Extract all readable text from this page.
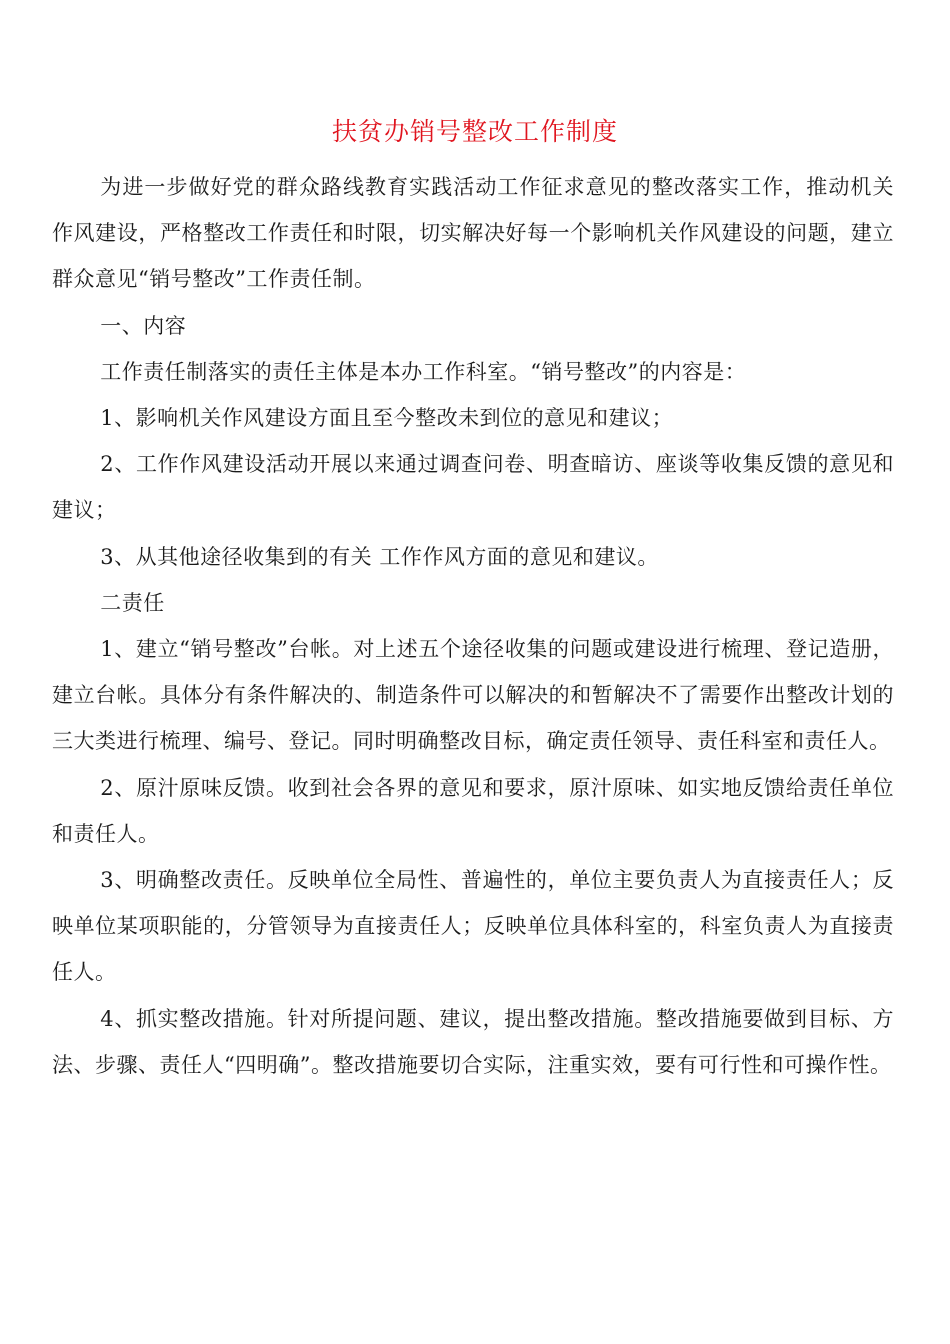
扶贫办销号整改工作制度

为进一步做好党的群众路线教育实践活动工作征求意见的整改落实工作，推动机关作风建设，严格整改工作责任和时限，切实解决好每一个影响机关作风建设的问题，建立群众意见“销号整改”工作责任制。

一、内容

工作责任制落实的责任主体是本办工作科室。“销号整改”的内容是：

1、影响机关作风建设方面且至今整改未到位的意见和建议；

2、工作作风建设活动开展以来通过调查问卷、明查暗访、座谈等收集反馈的意见和建议；

3、从其他途径收集到的有关 工作作风方面的意见和建议。

二责任

1、建立“销号整改”台帐。对上述五个途径收集的问题或建设进行梳理、登记造册，建立台帐。具体分有条件解决的、制造条件可以解决的和暂解决不了需要作出整改计划的三大类进行梳理、编号、登记。同时明确整改目标，确定责任领导、责任科室和责任人。

2、原汁原味反馈。收到社会各界的意见和要求，原汁原味、如实地反馈给责任单位和责任人。

3、明确整改责任。反映单位全局性、普遍性的，单位主要负责人为直接责任人；反映单位某项职能的，分管领导为直接责任人；反映单位具体科室的，科室负责人为直接责任人。

4、抓实整改措施。针对所提问题、建议，提出整改措施。整改措施要做到目标、方法、步骤、责任人“四明确”。整改措施要切合实际，注重实效，要有可行性和可操作性。
